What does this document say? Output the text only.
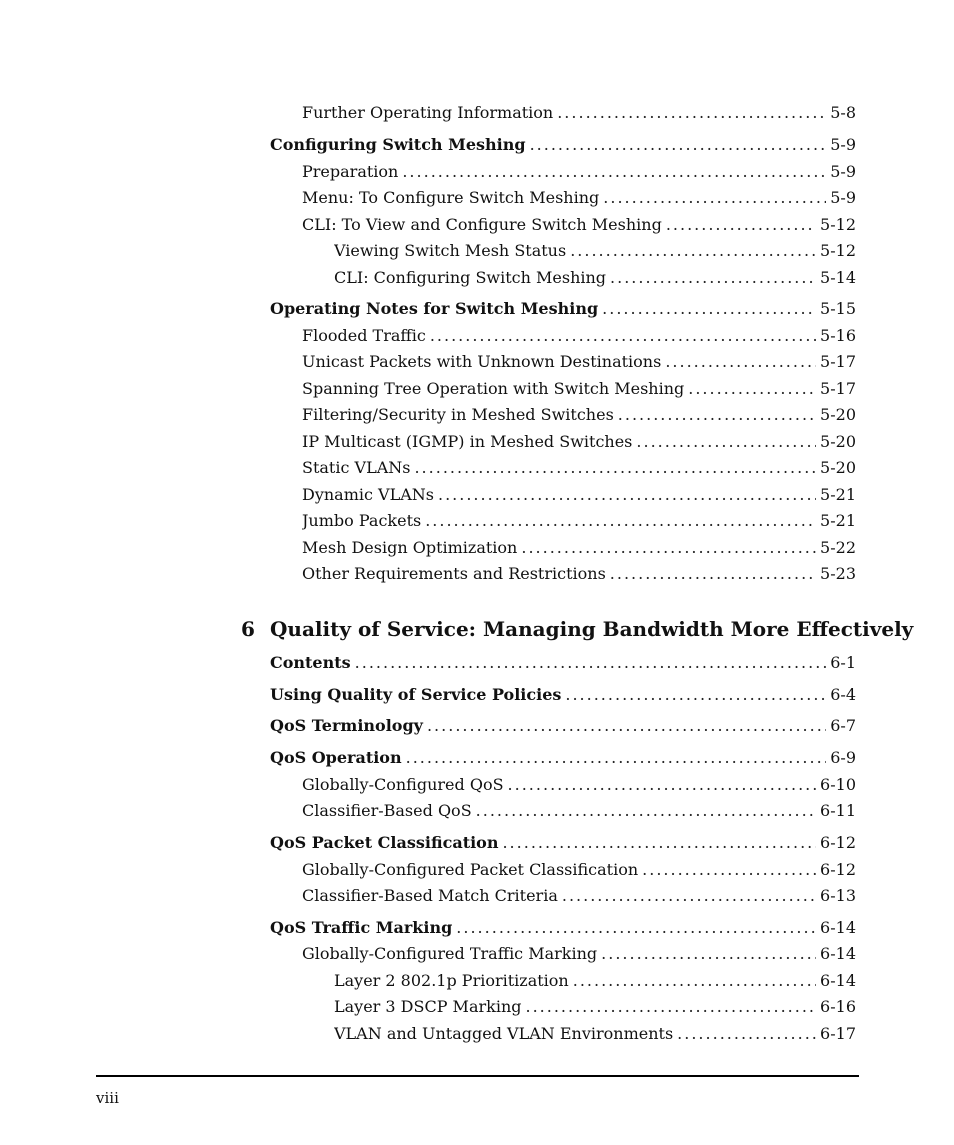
Further Operating Information .....	5-8
Configuring Switch Meshing .....	5-9
Preparation .....	5-9
Menu: To Configure Switch Meshing .....	5-9
CLI: To View and Configure Switch Meshing .....	5-12
Viewing Switch Mesh Status .....	5-12
CLI: Configuring Switch Meshing .....	5-14
Operating Notes for Switch Meshing .....	5-15
Flooded Traffic .....	5-16
Unicast Packets with Unknown Destinations .....	5-17
Spanning Tree Operation with Switch Meshing .....	5-17
Filtering/Security in Meshed Switches .....	5-20
IP Multicast (IGMP) in Meshed Switches .....	5-20
Static VLANs .....	5-20
Dynamic VLANs .....	5-21
Jumbo Packets .....	5-21
Mesh Design Optimization .....	5-22
Other Requirements and Restrictions .....	5-23
Contents .....	6-1
Using Quality of Service Policies .....	6-4
QoS Terminology .....	6-7
QoS Operation .....	6-9
Globally-Configured QoS .....	6-10
Classifier-Based QoS .....	6-11
QoS Packet Classification .....	6-12
Globally-Configured Packet Classification .....	6-12
Classifier-Based Match Criteria .....	6-13
QoS Traffic Marking .....	6-14
Globally-Configured Traffic Marking .....	6-14
Layer 2 802.1p Prioritization .....	6-14
Layer 3 DSCP Marking .....	6-16
VLAN and Untagged VLAN Environments .....	6-17
6 Quality of Service: Managing Bandwidth More Effectively
viii
